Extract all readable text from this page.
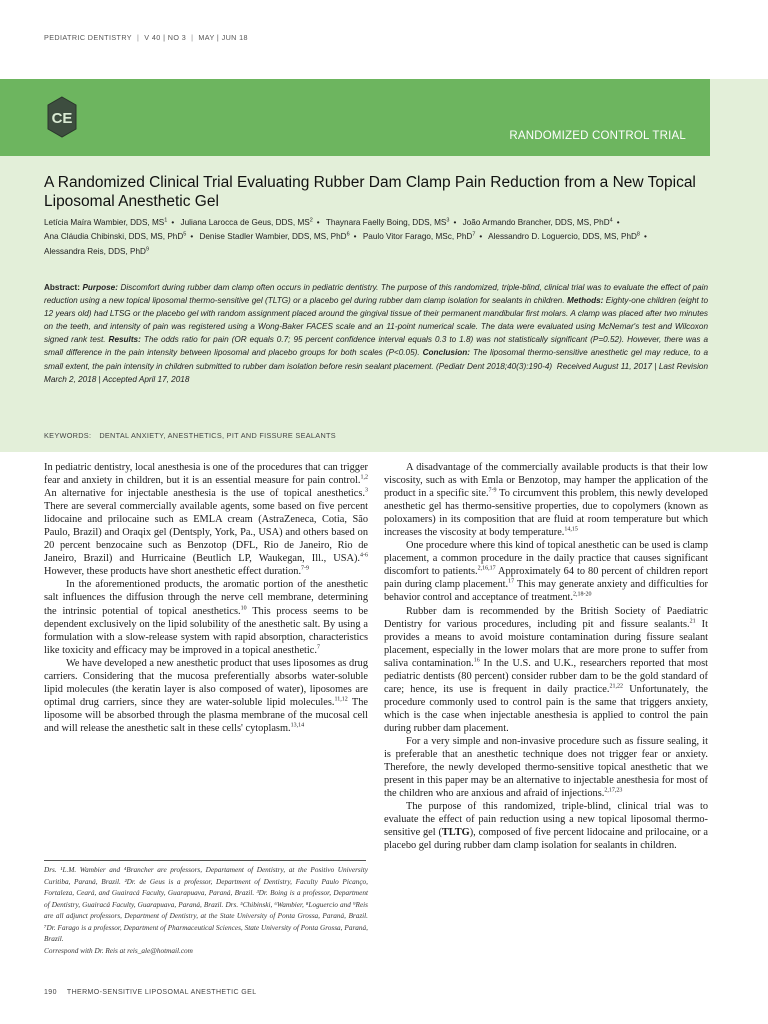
PEDIATRIC DENTISTRY | V 40 | NO 3 | MAY | JUN 18
CE
RANDOMIZED CONTROL TRIAL
A Randomized Clinical Trial Evaluating Rubber Dam Clamp Pain Reduction from a New Topical Liposomal Anesthetic Gel
Letícia Maíra Wambier, DDS, $MS^1$ • Juliana Larocca de Geus, DDS, $MS^2$ • Thaynara Faelly Boing, DDS, $MS^3$ • João Armando Brancher, DDS, MS, PhD$^4$ •
Ana Cláudia Chibinski, DDS, MS, PhD$^5$ • Denise Stadler Wambier, DDS, MS, PhD$^6$ • Paulo Vitor Farago, MSc, PhD$^7$ • Alessandro D. Loguercio, DDS, MS, PhD$^8$ •
Alessandra Reis, DDS, PhD$^9$

Abstract: Purpose: Discomfort during rubber dam clamp often occurs in pediatric dentistry. The purpose of this randomized, triple-blind, clinical trial was to evaluate the effect of pain reduction using a new topical liposomal thermo-sensitive gel (TLTG) or a placebo gel during rubber dam clamp isolation for sealants in children. Methods: Eighty-one children (eight to 12 years old) had LTSG or the placebo gel with random assignment placed around the gingival tissue of their permanent mandibular first molars. A clamp was placed after two minutes on the teeth, and intensity of pain was registered using a Wong-Baker FACES scale and an 11-point numerical scale. The data were evaluated using McNemar's test and Wilcoxon signed rank test. Results: The odds ratio for pain (OR equals 0.7; 95 percent confidence interval equals 0.3 to 1.8) was not statistically significant (P=0.52). However, there was a small difference in the pain intensity between liposomal and placebo groups for both scales (P<0.05). Conclusion: The liposomal thermo-sensitive anesthetic gel may reduce, to a small extent, the pain intensity in children submitted to rubber dam isolation before resin sealant placement. (Pediatr Dent 2018;40(3):190-4) Received August 11, 2017 | Last Revision March 2, 2018 | Accepted April 17, 2018

KEYWORDS: DENTAL ANXIETY, ANESTHETICS, PIT AND FISSURE SEALANTS

In pediatric dentistry, local anesthesia is one of the procedures that can trigger fear and anxiety in children, but it is an essential measure for pain control.$^{1,2}$ An alternative for injectable anesthesia is the use of topical anesthetics.$^3$ There are several commercially available agents, some based on five percent lidocaine and prilocaine such as EMLA cream (AstraZeneca, Cotia, São Paulo, Brazil) and Oraqix gel (Dentsply, York, Pa., USA) and others based on 20 percent benzocaine such as Benzotop (DFL, Rio de Janeiro, Rio de Janeiro, Brazil) and Hurricaine (Beutlich LP, Waukegan, Ill., USA).$^{4-6}$ However, these products have short anesthetic effect duration.$^{7-9}$

In the aforementioned products, the aromatic portion of the anesthetic salt influences the diffusion through the nerve cell membrane, determining the intrinsic potential of topical anesthetics.$^{10}$ This process seems to be dependent exclusively on the lipid solubility of the anesthetic salt. By using a formulation with a slow-release system with rapid absorption, characteristics like toxicity and efficacy may be improved in a topical anesthetic.$^7$

We have developed a new anesthetic product that uses liposomes as drug carriers. Considering that the mucosa preferentially absorbs water-soluble lipid molecules (the keratin layer is also composed of water), liposomes are optimal drug carriers, since they are water-soluble lipid molecules.$^{11,12}$ The liposome will be absorbed through the plasma membrane of the mucosal cell and will release the anesthetic salt in these cells' cytoplasm.$^{13,14}$

Drs. ¹L.M. Wambier and ⁴Brancher are professors, Departament of Dentistry, at the Positivo University Curitiba, Paraná, Brazil. ²Dr. de Geus is a professor, Department of Dentistry, Faculty Paulo Picanço, Fortaleza, Ceará, and Guairacá Faculty, Guarapuava, Paraná, Brazil. ³Dr. Boing is a professor, Department of Dentistry, Guairacá Faculty, Guarapuava, Paraná, Brazil. Drs. ⁵Chibinski, ⁶Wambier, ⁸Loguercio and ⁹Reis are all adjunct professors, Department of Dentistry, at the State University of Ponta Grossa, Paraná, Brazil. ⁷Dr. Farago is a professor, Department of Pharmaceutical Sciences, State University of Ponta Grossa, Paraná, Brazil.
Correspond with Dr. Reis at reis_ale@hotmail.com

A disadvantage of the commercially available products is that their low viscosity, such as with Emla or Benzotop, may hamper the application of the product in a specific site.$^{7-9}$ To circumvent this problem, this newly developed anesthetic gel has thermo-sensitive properties, due to copolymers (known as poloxamers) in its composition that are fluid at room temperature but which increases the viscosity at body temperature.$^{14,15}$

One procedure where this kind of topical anesthetic can be used is clamp placement, a common procedure in the daily practice that causes significant discomfort to patients.$^{2,16,17}$ Approximately 64 to 80 percent of children report pain during clamp placement.$^{17}$ This may generate anxiety and difficulties for behavior control and acceptance of treatment.$^{2,18-20}$

Rubber dam is recommended by the British Society of Paediatric Dentistry for various procedures, including pit and fissure sealants.$^{21}$ It provides a means to avoid moisture contamination during fissure sealant placement, especially in the lower molars that are more prone to suffer from saliva contamination.$^{16}$ In the U.S. and U.K., researchers reported that most pediatric dentists (80 percent) consider rubber dam to be the gold standard of care; hence, its use is frequent in daily practice.$^{21,22}$ Unfortunately, the procedure commonly used to control pain is the same that triggers anxiety, which is the case when injectable anesthesia is applied to control the pain during rubber dam placement.

For a very simple and non-invasive procedure such as fissure sealing, it is preferable that an anesthetic technique does not trigger fear or anxiety. Therefore, the newly developed thermo-sensitive topical anesthetic that we present in this paper may be an alternative to injectable anesthesia for most of the children who are anxious and afraid of injections.$^{2,17,23}$

The purpose of this randomized, triple-blind, clinical trial was to evaluate the effect of pain reduction using a new topical liposomal thermo-sensitive gel (TLTG), composed of five percent lidocaine and prilocaine, or a placebo gel during rubber dam clamp isolation for sealants in children.

190 THERMO-SENSITIVE LIPOSOMAL ANESTHETIC GEL
